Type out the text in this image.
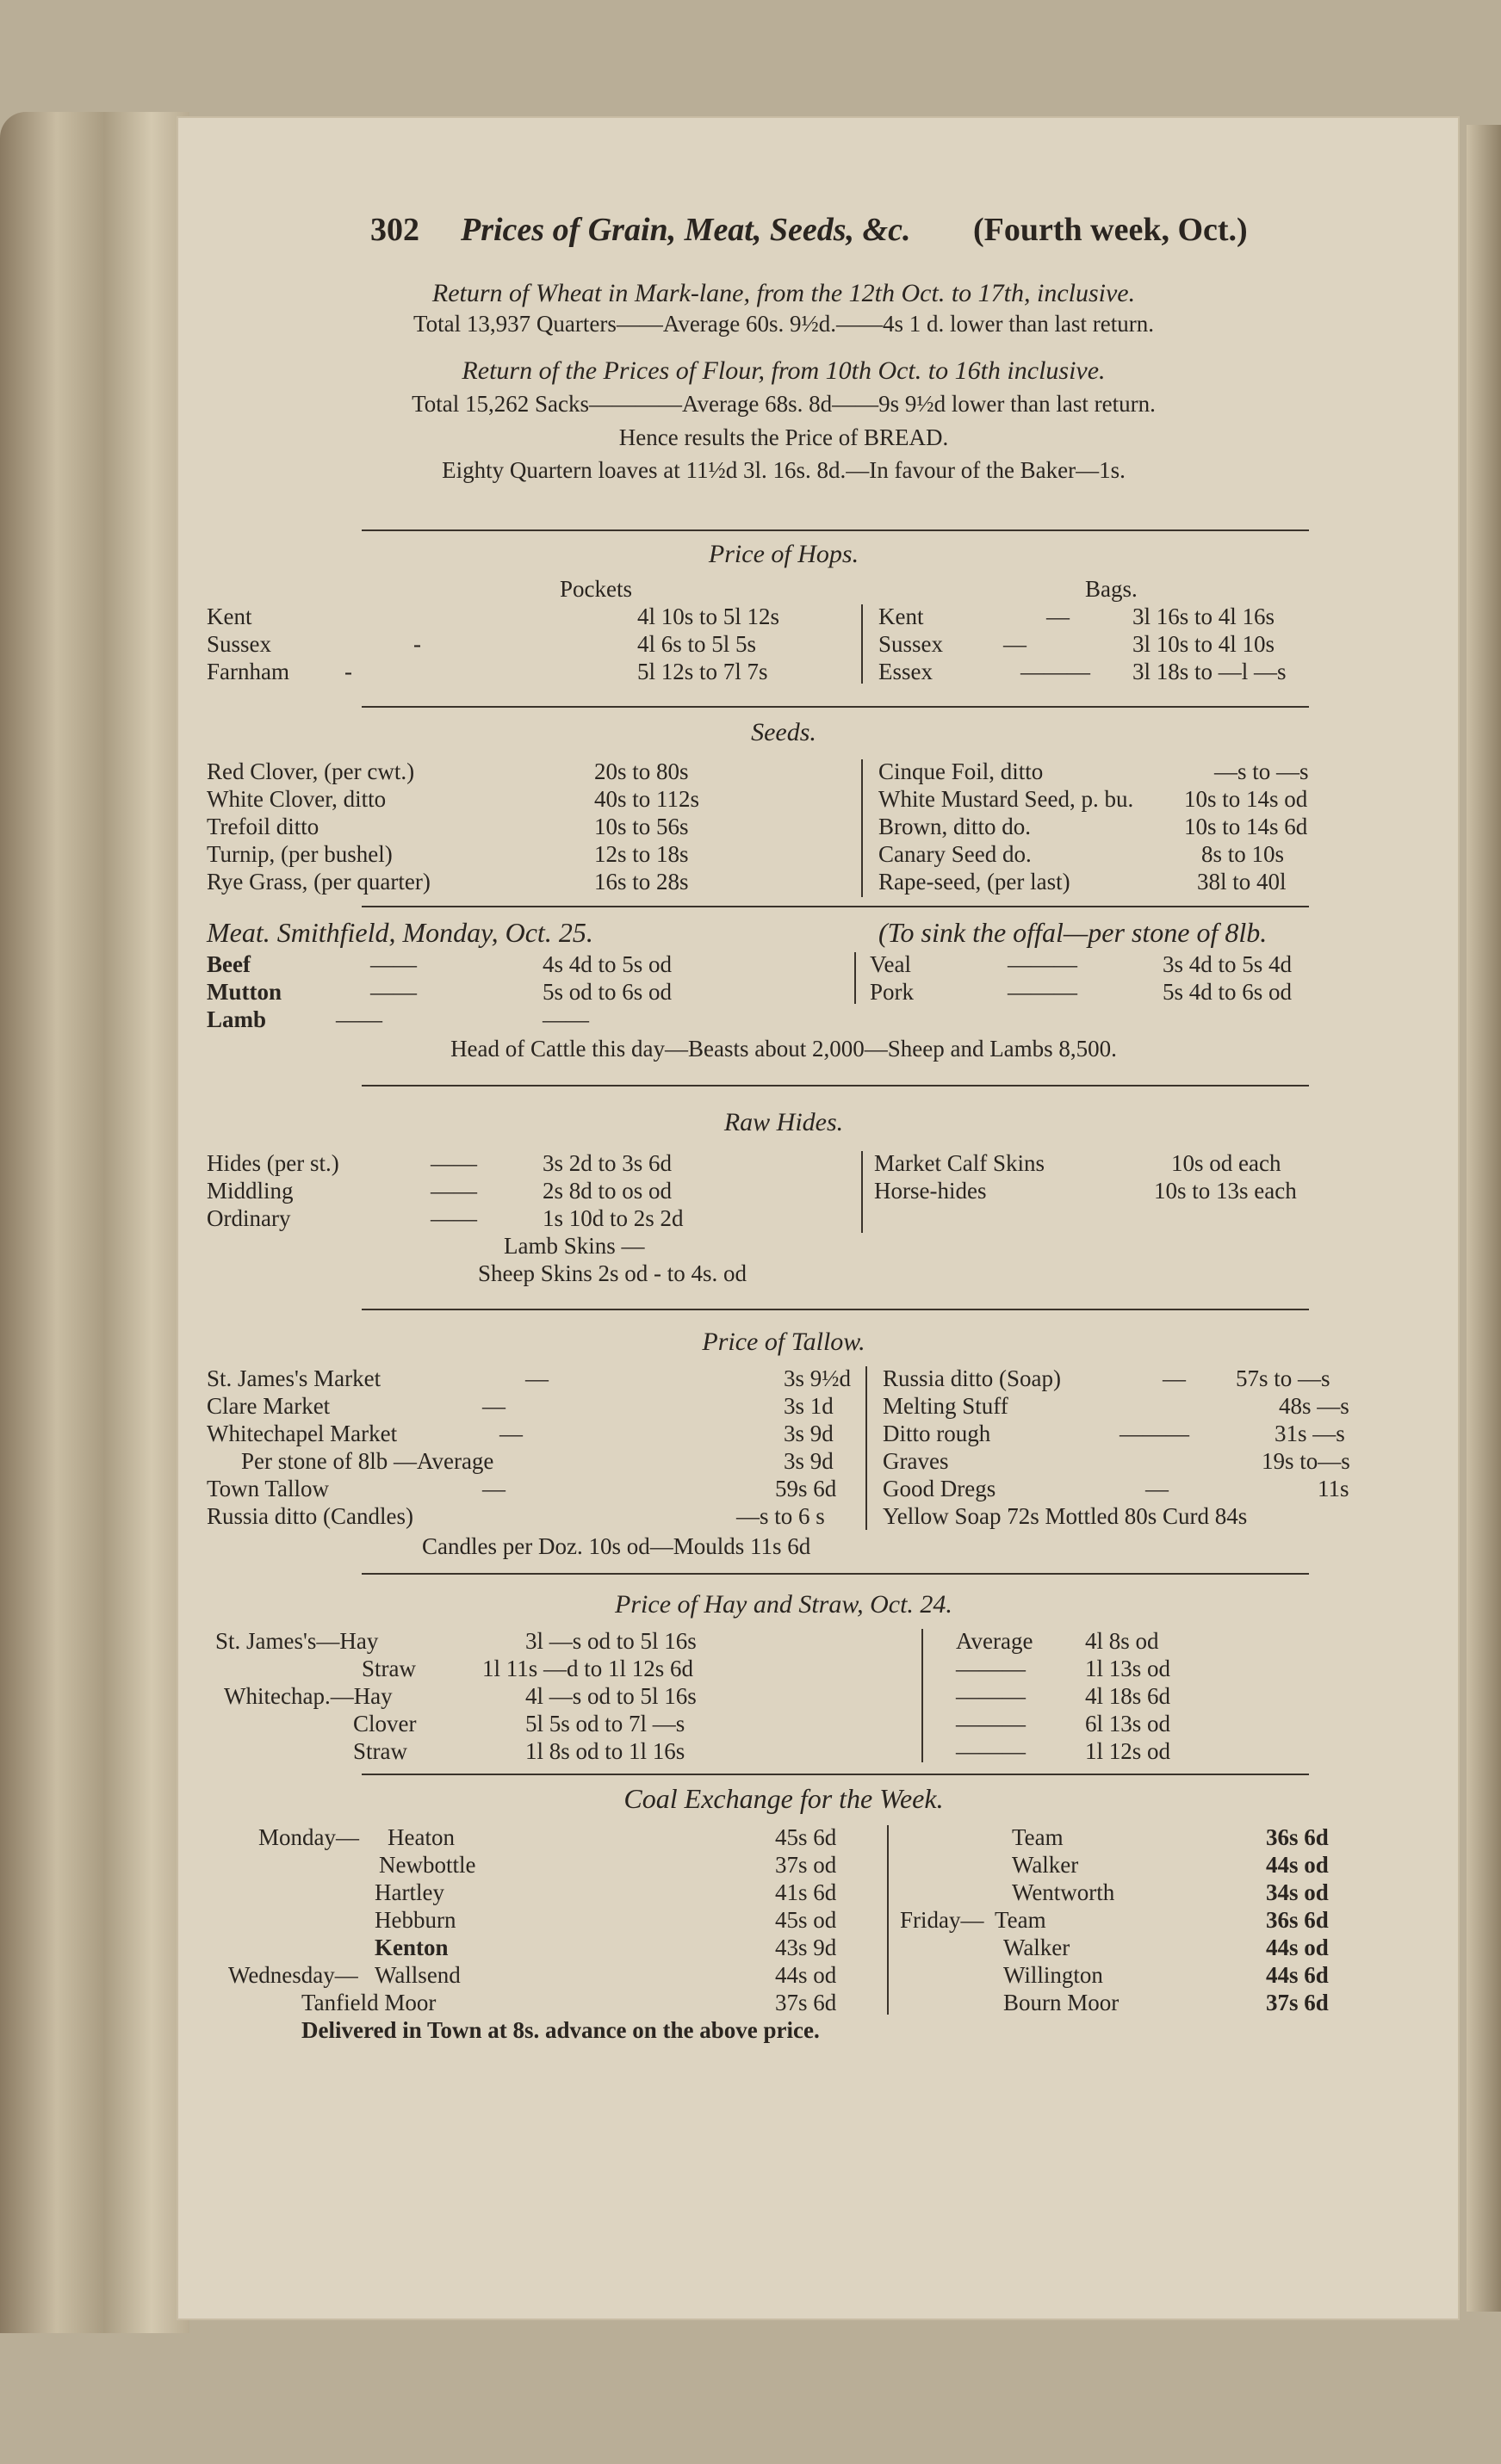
302 Prices of Grain, Meat, Seeds, &c. (Fourth week, Oct.)
Return of Wheat in Mark-lane, from the 12th Oct. to 17th, inclusive.
Total 13,937 Quarters——Average 60s. 9½d.——4s 1 d. lower than last return.
Return of the Prices of Flour, from 10th Oct. to 16th inclusive.
Total 15,262 Sacks————Average 68s. 8d——9s 9½d lower than last return.
Hence results the Price of BREAD.
Eighty Quartern loaves at 11½d 3l. 16s. 8d.—In favour of the Baker—1s.
Price of Hops.
Pockets	Bags.
Kent	4l 10s to 5l 12s
Sussex	-	4l 6s to 5l 5s
Farnham -	5l 12s to 7l 7s
Kent	—	3l 16s to 4l 16s
Sussex	—	3l 10s to 4l 10s
Essex	——— 3l 18s to —l —s
Seeds.
Red Clover, (per cwt.)	20s to 80s
White Clover, ditto	40s to 112s
Trefoil ditto	10s to 56s
Turnip, (per bushel)	12s to 18s
Rye Grass, (per quarter)	16s to 28s
Cinque Foil, ditto	—s to —s
White Mustard Seed, p. bu. 10s to 14s od
Brown, ditto do.	10s to 14s 6d
Canary Seed do.	8s to 10s
Rape-seed, (per last)	38l to 40l
Meat. Smithfield, Monday, Oct. 25.	(To sink the offal—per stone of 8lb.
Beef	——	4s 4d to 5s od
Mutton	——	5s od to 6s od
Lamb	——	——
Veal	———	3s 4d to 5s 4d
Pork	———	5s 4d to 6s od
Head of Cattle this day—Beasts about 2,000—Sheep and Lambs 8,500.
Raw Hides.
Hides (per st.)	——	3s 2d to 3s 6d
Middling	——	2s 8d to os od
Ordinary	——	1s 10d to 2s 2d
Market Calf Skins	10s od each
Horse-hides	10s to 13s each
Lamb Skins —
Sheep Skins 2s od - to 4s. od
Price of Tallow.
St. James's Market	—	3s 9½d
Clare Market	—	3s 1d
Whitechapel Market	—	3s 9d
Per stone of 8lb —Average	3s 9d
Town Tallow	—	59s 6d
Russia ditto (Candles)	—s to 6 s
Russia ditto (Soap)	— 57s to —s
Melting Stuff	48s —s
Ditto rough	———	31s —s
Graves	19s to—s
Good Dregs	—	11s
Yellow Soap 72s Mottled 80s Curd 84s
Candles per Doz. 10s od—Moulds 11s 6d
Price of Hay and Straw, Oct. 24.
St. James's—Hay	3l —s od to 5l 16s
Straw	1l 11s —d to 1l 12s 6d
Whitechap.—Hay	4l —s od to 5l 16s
Clover	5l 5s od to 7l —s
Straw	1l 8s od to 1l 16s
Average 4l 8s od
———	1l 13s od
———	4l 18s 6d
———	6l 13s od
———	1l 12s od
Coal Exchange for the Week.
Monday— Heaton	45s 6d
Newbottle	37s od
Hartley	41s 6d
Hebburn	45s od
Kenton	43s 9d
Wednesday— Wallsend	44s od
Tanfield Moor	37s 6d
Team	36s 6d
Walker	44s od
Wentworth	34s od
Friday— Team	36s 6d
Walker	44s od
Willington	44s 6d
Bourn Moor	37s 6d
Delivered in Town at 8s. advance on the above price.
